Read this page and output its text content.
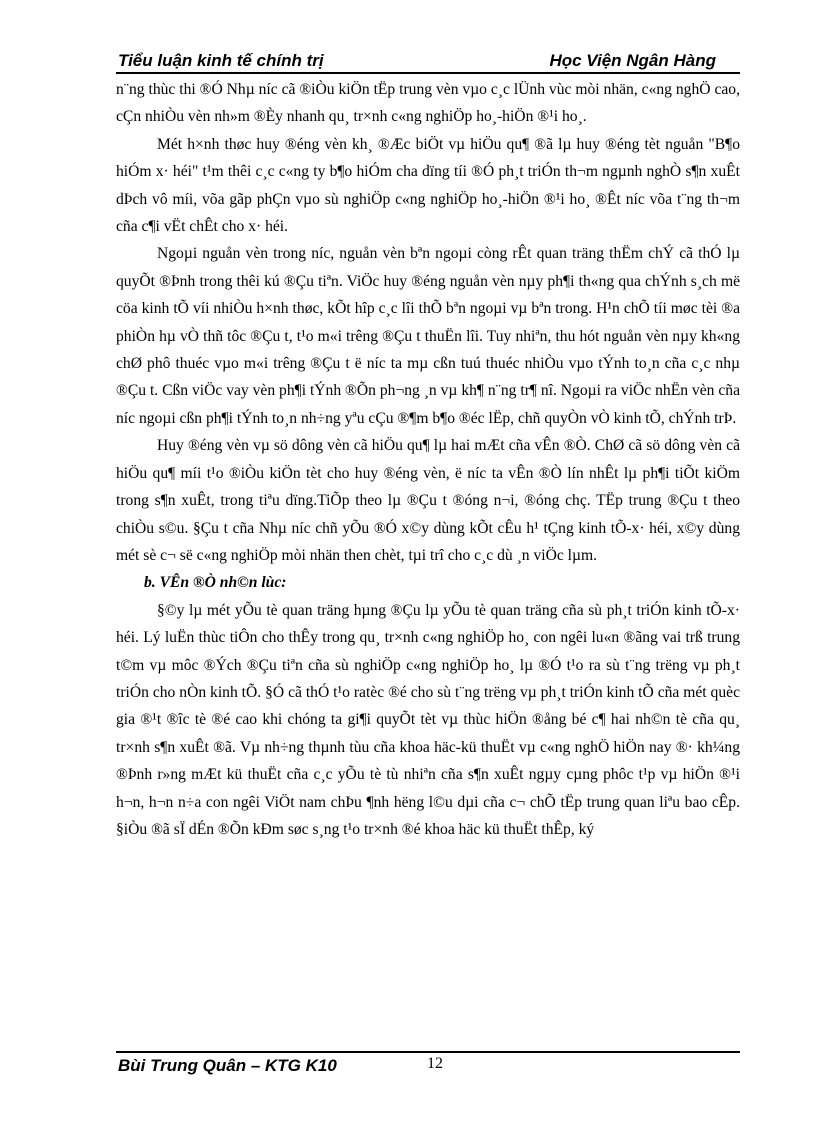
Tiểu luận kinh tế chính trị	Học Viện Ngân Hàng

n¨ng thùc thi ®Ó Nhµ níc cã ®iÒu kiÖn tËp trung vèn vµo c¸c lÜnh vùc mòi nhän, c«ng nghÖ cao, cÇn nhiÒu vèn nh»m ®Èy nhanh qu¸ tr×nh c«ng nghiÖp ho¸-hiÖn ®¹i ho¸.

Mét h×nh thøc huy ®éng vèn kh¸ ®Æc biÖt vµ hiÖu qu¶ ®ã lµ huy ®éng tèt nguån "B¶o hiÓm x· héi" t¹m thêi c¸c c«ng ty b¶o hiÓm cha dïng tíi ®Ó ph¸t triÓn th¬m ngµnh nghÒ s¶n xuÊt dÞch vô míi, võa gãp phÇn vµo sù nghiÖp c«ng nghiÖp ho¸-hiÖn ®¹i ho¸ ®Êt níc võa t¨ng th¬m cña c¶i vËt chÊt cho x· héi.

Ngoµi nguån vèn trong níc, nguån vèn bªn ngoµi còng rÊt quan träng thËm chÝ cã thÓ lµ quyÕt ®Þnh trong thêi kú ®Çu tiªn. ViÖc huy ®éng nguån vèn nµy ph¶i th«ng qua chÝnh s¸ch më cöa kinh tÕ víi nhiÒu h×nh thøc, kÕt hîp c¸c lîi thÕ bªn ngoµi vµ bªn trong. H¹n chÕ tíi møc tèi ®a phiÒn hµ vÒ thñ tôc ®Çu t, t¹o m«i trêng ®Çu t thuËn lîi. Tuy nhiªn, thu hót nguån vèn nµy kh«ng chØ phô thuéc vµo m«i trêng ®Çu t ë níc ta mµ cßn tuú thuéc nhiÒu vµo tÝnh to¸n cña c¸c nhµ ®Çu t. Cßn viÖc vay vèn ph¶i tÝnh ®Õn ph¬ng ¸n vµ kh¶ n¨ng tr¶ nî. Ngoµi ra viÖc nhËn vèn cña níc ngoµi cßn ph¶i tÝnh to¸n nh÷ng yªu cÇu ®¶m b¶o ®éc lËp, chñ quyÒn vÒ kinh tÕ, chÝnh trÞ.

Huy ®éng vèn vµ sö dông vèn cã hiÖu qu¶ lµ hai mÆt cña vÊn ®Ò. ChØ cã sö dông vèn cã hiÖu qu¶ míi t¹o ®iÒu kiÖn tèt cho huy ®éng vèn, ë níc ta vÊn ®Ò lín nhÊt lµ ph¶i tiÕt kiÖm trong s¶n xuÊt, trong tiªu dïng.TiÕp theo lµ ®Çu t ®óng n¬i, ®óng chç. TËp trung ®Çu t theo chiÒu s©u. §Çu t cña Nhµ níc chñ yÕu ®Ó x©y dùng kÕt cÊu h¹ tÇng kinh tÕ-x· héi, x©y dùng mét sè c¬ së c«ng nghiÖp mòi nhän then chèt, tµi trî cho c¸c dù ¸n viÖc lµm.

b. VÊn ®Ò nh©n lùc:

§©y lµ mét yÕu tè quan träng hµng ®Çu lµ yÕu tè quan träng cña sù ph¸t triÓn kinh tÕ-x· héi. Lý luËn thùc tiÔn cho thÊy trong qu¸ tr×nh c«ng nghiÖp ho¸ con ngêi lu«n ®ãng vai trß trung t©m vµ môc ®Ých ®Çu tiªn cña sù nghiÖp c«ng nghiÖp ho¸ lµ ®Ó t¹o ra sù t¨ng trëng vµ ph¸t triÓn cho nÒn kinh tÕ. §Ó cã thÓ t¹o ratèc ®é cho sù t¨ng trëng vµ ph¸t triÓn kinh tÕ cña mét quèc gia ®¹t ®îc tè ®é cao khi chóng ta gi¶i quyÕt tèt vµ thùc hiÖn ®ång bé c¶ hai nh©n tè cña qu¸ tr×nh s¶n xuÊt ®ã. Vµ nh÷ng thµnh tùu cña khoa häc-kü thuËt vµ c«ng nghÖ hiÖn nay ®· kh¼ng ®Þnh r»ng mÆt kü thuËt cña c¸c yÕu tè tù nhiªn cña s¶n xuÊt ngµy cµng phôc t¹p vµ hiÖn ®¹i h¬n, h¬n n÷a con ngêi ViÖt nam chÞu ¶nh hëng l©u dµi cña c¬ chÕ tËp trung quan liªu bao cÊp. §iÒu ®ã sÏ dÉn ®Õn kÐm søc s¸ng t¹o tr×nh ®é khoa häc kü thuËt thÊp, ký

Bùi Trung Quân – KTG K10	12
